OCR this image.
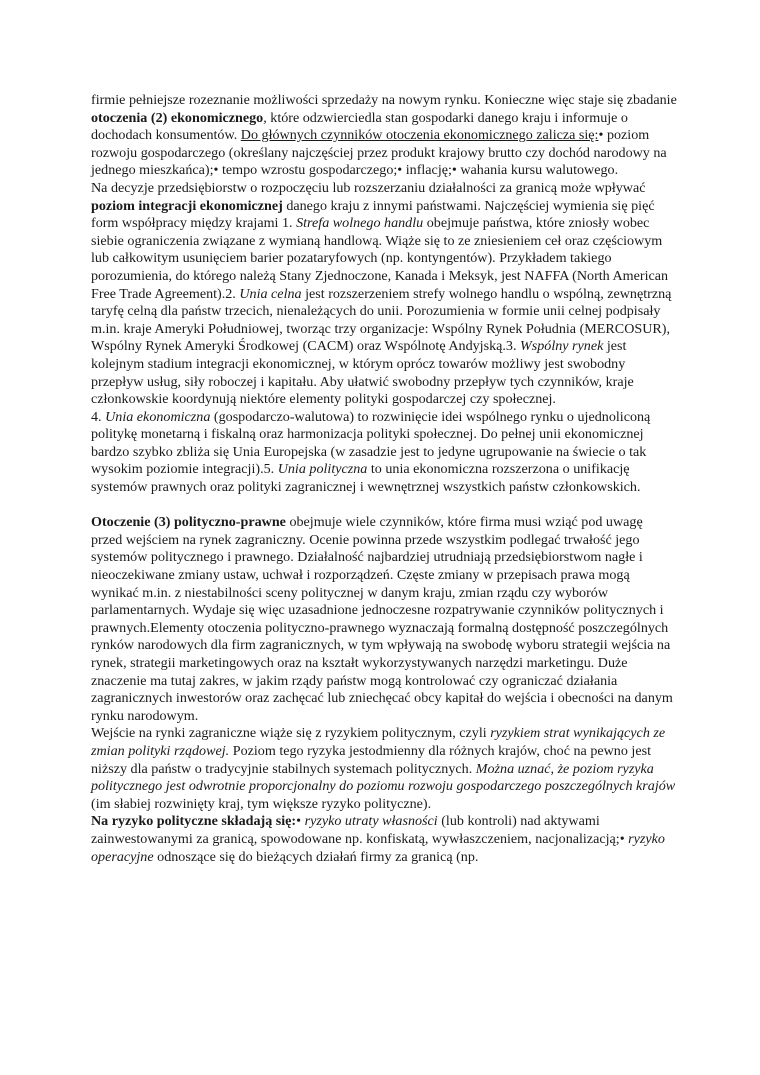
firmie pełniejsze rozeznanie możliwości sprzedaży na nowym rynku. Konieczne więc staje się zbadanie otoczenia (2) ekonomicznego, które odzwierciedla stan gospodarki danego kraju i informuje o dochodach konsumentów. Do głównych czynników otoczenia ekonomicznego zalicza się:• poziom rozwoju gospodarczego (określany najczęściej przez produkt krajowy brutto czy dochód narodowy na jednego mieszkańca);• tempo wzrostu gospodarczego;• inflację;• wahania kursu walutowego.

Na decyzje przedsiębiorstw o rozpoczęciu lub rozszerzaniu działalności za granicą może wpływać poziom integracji ekonomicznej danego kraju z innymi państwami. Najczęściej wymienia się pięć form współpracy między krajami 1. Strefa wolnego handlu obejmuje państwa, które zniosły wobec siebie ograniczenia związane z wymianą handlową. Wiąże się to ze zniesieniem ceł oraz częściowym lub całkowitym usunięciem barier pozataryfowych (np. kontyngentów). Przykładem takiego porozumienia, do którego należą Stany Zjednoczone, Kanada i Meksyk, jest NAFFA (North American Free Trade Agreement).2. Unia celna jest rozszerzeniem strefy wolnego handlu o wspólną, zewnętrzną taryfę celną dla państw trzecich, nienależących do unii. Porozumienia w formie unii celnej podpisały m.in. kraje Ameryki Południowej, tworząc trzy organizacje: Wspólny Rynek Południa (MERCOSUR), Wspólny Rynek Ameryki Środkowej (CACM) oraz Wspólnotę Andyjską.3. Wspólny rynek jest kolejnym stadium integracji ekonomicznej, w którym oprócz towarów możliwy jest swobodny przepływ usług, siły roboczej i kapitału. Aby ułatwić swobodny przepływ tych czynników, kraje członkowskie koordynują niektóre elementy polityki gospodarczej czy społecznej.

4. Unia ekonomiczna (gospodarczo-walutowa) to rozwinięcie idei wspólnego rynku o ujednoliconą politykę monetarną i fiskalną oraz harmonizacja polityki społecznej. Do pełnej unii ekonomicznej bardzo szybko zbliża się Unia Europejska (w zasadzie jest to jedyne ugrupowanie na świecie o tak wysokim poziomie integracji).5. Unia polityczna to unia ekonomiczna rozszerzona o unifikację systemów prawnych oraz polityki zagranicznej i wewnętrznej wszystkich państw członkowskich.

Otoczenie (3) polityczno-prawne obejmuje wiele czynników, które firma musi wziąć pod uwagę przed wejściem na rynek zagraniczny. Ocenie powinna przede wszystkim podlegać trwałość jego systemów politycznego i prawnego. Działalność najbardziej utrudniają przedsiębiorstwom nagłe i nieoczekiwane zmiany ustaw, uchwał i rozporządzeń. Częste zmiany w przepisach prawa mogą wynikać m.in. z niestabilności sceny politycznej w danym kraju, zmian rządu czy wyborów parlamentarnych. Wydaje się więc uzasadnione jednoczesne rozpatrywanie czynników politycznych i prawnych.Elementy otoczenia polityczno-prawnego wyznaczają formalną dostępność poszczególnych rynków narodowych dla firm zagranicznych, w tym wpływają na swobodę wyboru strategii wejścia na rynek, strategii marketingowych oraz na kształt wykorzystywanych narzędzi marketingu. Duże znaczenie ma tutaj zakres, w jakim rządy państw mogą kontrolować czy ograniczać działania zagranicznych inwestorów oraz zachęcać lub zniechęcać obcy kapitał do wejścia i obecności na danym rynku narodowym.

Wejście na rynki zagraniczne wiąże się z ryzykiem politycznym, czyli ryzykiem strat wynikających ze zmian polityki rządowej. Poziom tego ryzyka jestodmienny dla różnych krajów, choć na pewno jest niższy dla państw o tradycyjnie stabilnych systemach politycznych. Można uznać, że poziom ryzyka politycznego jest odwrotnie proporcjonalny do poziomu rozwoju gospodarczego poszczególnych krajów (im słabiej rozwinięty kraj, tym większe ryzyko polityczne).

Na ryzyko polityczne składają się:• ryzyko utraty własności (lub kontroli) nad aktywami zainwestowanymi za granicą, spowodowane np. konfiskatą, wywłaszczeniem, nacjonalizacją;• ryzyko operacyjne odnoszące się do bieżących działań firmy za granicą (np.
